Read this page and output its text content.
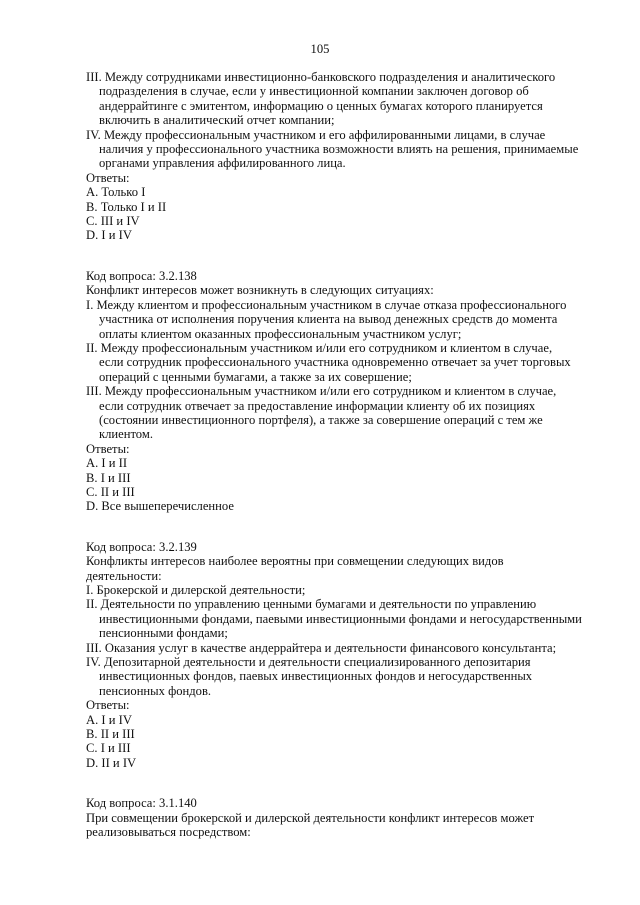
105
III. Между сотрудниками инвестиционно-банковского подразделения и аналитического
подразделения в случае, если у инвестиционной компании заключен договор об
андеррайтинге с эмитентом, информацию о ценных бумагах которого планируется
включить в аналитический отчет компании;
IV. Между профессиональным участником и его аффилированными лицами, в случае
наличия у профессионального участника возможности влиять на решения, принимаемые
органами управления аффилированного лица.
Ответы:
A. Только I
B. Только I и II
C. III и IV
D. I и IV
Код вопроса: 3.2.138
Конфликт интересов может возникнуть в следующих ситуациях:
I. Между клиентом и профессиональным участником в случае отказа профессионального
участника от исполнения поручения клиента на вывод денежных средств до момента
оплаты клиентом оказанных профессиональным участником услуг;
II. Между профессиональным участником и/или его сотрудником и клиентом в случае,
если сотрудник профессионального участника одновременно отвечает за учет торговых
операций с ценными бумагами, а также за их совершение;
III. Между профессиональным участником и/или его сотрудником и клиентом в случае,
если сотрудник отвечает за предоставление информации клиенту об их позициях
(состоянии инвестиционного портфеля), а также за совершение операций с тем же
клиентом.
Ответы:
A. I и II
B. I и III
C. II и III
D. Все вышеперечисленное
Код вопроса: 3.2.139
Конфликты интересов наиболее вероятны при совмещении следующих видов
деятельности:
I. Брокерской и дилерской деятельности;
II. Деятельности по управлению ценными бумагами и деятельности по управлению
инвестиционными фондами, паевыми инвестиционными фондами и негосударственными
пенсионными фондами;
III. Оказания услуг в качестве андеррайтера и деятельности финансового консультанта;
IV. Депозитарной деятельности и деятельности специализированного депозитария
инвестиционных фондов, паевых инвестиционных фондов и негосударственных
пенсионных фондов.
Ответы:
A. I и IV
B. II и III
C. I и III
D. II и IV
Код вопроса: 3.1.140
При совмещении брокерской и дилерской деятельности конфликт интересов может
реализовываться посредством:
